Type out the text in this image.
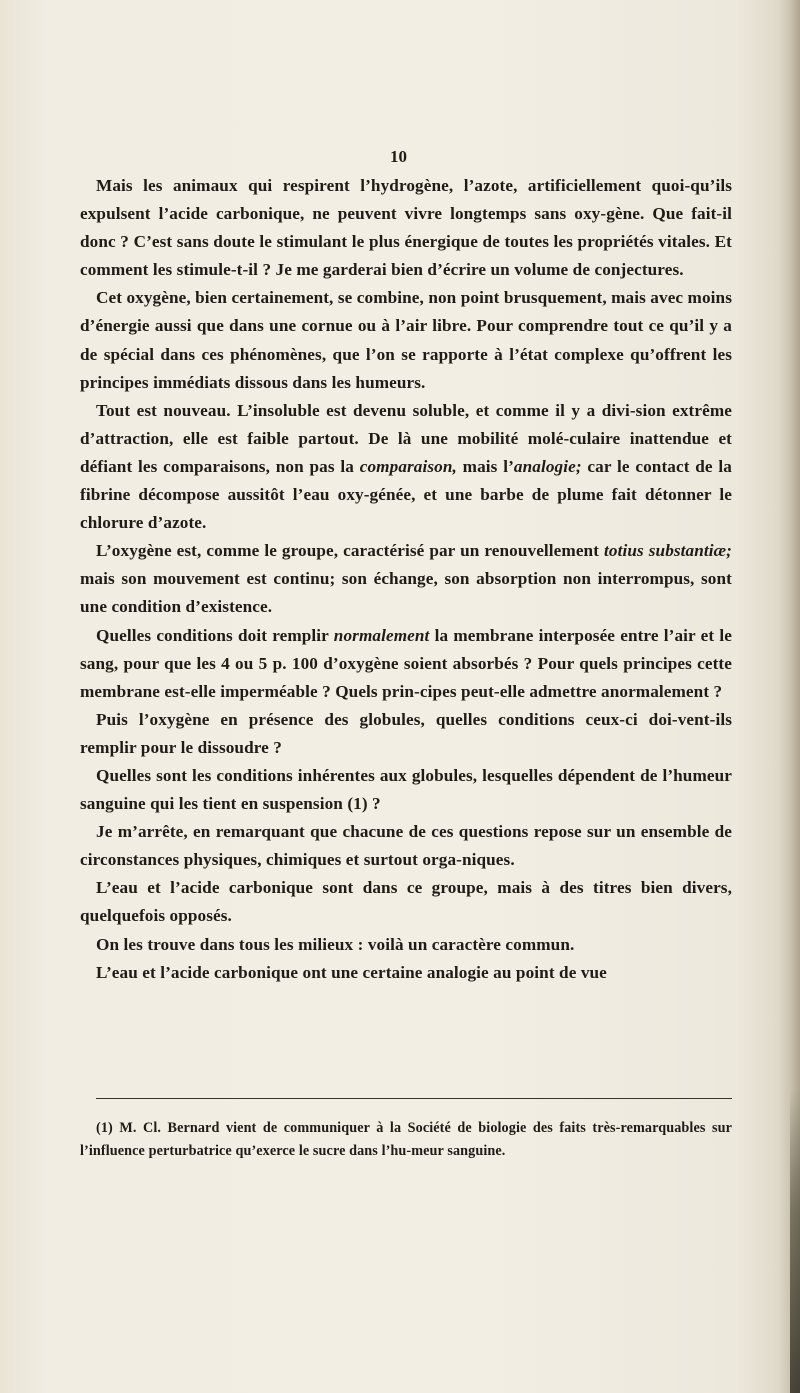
10

Mais les animaux qui respirent l’hydrogène, l’azote, artificiellement quoi-qu’ils expulsent l’acide carbonique, ne peuvent vivre longtemps sans oxy-gène. Que fait-il donc ? C’est sans doute le stimulant le plus énergique de toutes les propriétés vitales. Et comment les stimule-t-il ? Je me garderai bien d’écrire un volume de conjectures.

Cet oxygène, bien certainement, se combine, non point brusquement, mais avec moins d’énergie aussi que dans une cornue ou à l’air libre. Pour comprendre tout ce qu’il y a de spécial dans ces phénomènes, que l’on se rapporte à l’état complexe qu’offrent les principes immédiats dissous dans les humeurs.

Tout est nouveau. L’insoluble est devenu soluble, et comme il y a divi-sion extrême d’attraction, elle est faible partout. De là une mobilité molé-culaire inattendue et défiant les comparaisons, non pas la comparaison, mais l’analogie; car le contact de la fibrine décompose aussitôt l’eau oxy-génée, et une barbe de plume fait détonner le chlorure d’azote.

L’oxygène est, comme le groupe, caractérisé par un renouvellement totius substantiæ; mais son mouvement est continu; son échange, son absorption non interrompus, sont une condition d’existence.

Quelles conditions doit remplir normalement la membrane interposée entre l’air et le sang, pour que les 4 ou 5 p. 100 d’oxygène soient absorbés ? Pour quels principes cette membrane est-elle imperméable ? Quels prin-cipes peut-elle admettre anormalement ?

Puis l’oxygène en présence des globules, quelles conditions ceux-ci doi-vent-ils remplir pour le dissoudre ?

Quelles sont les conditions inhérentes aux globules, lesquelles dépendent de l’humeur sanguine qui les tient en suspension (1) ?

Je m’arrête, en remarquant que chacune de ces questions repose sur un ensemble de circonstances physiques, chimiques et surtout orga-niques.

L’eau et l’acide carbonique sont dans ce groupe, mais à des titres bien divers, quelquefois opposés.

On les trouve dans tous les milieux : voilà un caractère commun.

L’eau et l’acide carbonique ont une certaine analogie au point de vue

(1) M. Cl. Bernard vient de communiquer à la Société de biologie des faits très-remarquables sur l’influence perturbatrice qu’exerce le sucre dans l’hu-meur sanguine.
